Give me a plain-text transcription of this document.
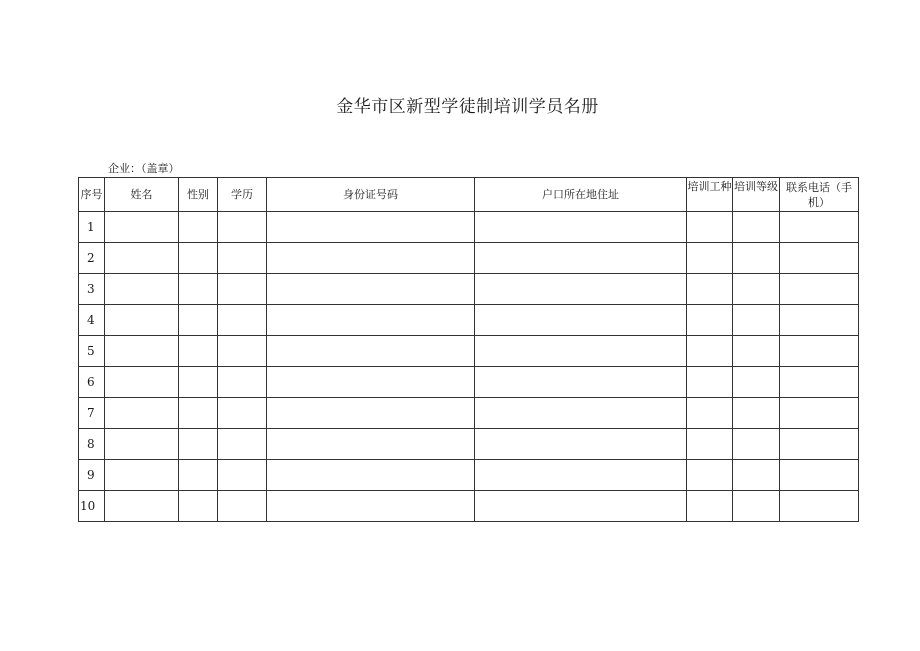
金华市区新型学徒制培训学员名册
企业：（盖章）
序号	姓名	性别	学历	身份证号码	户口所在地住址	培训工种	培训等级	联系电话（手机）
1								
2								
3								
4								
5								
6								
7								
8								
9								
10								
